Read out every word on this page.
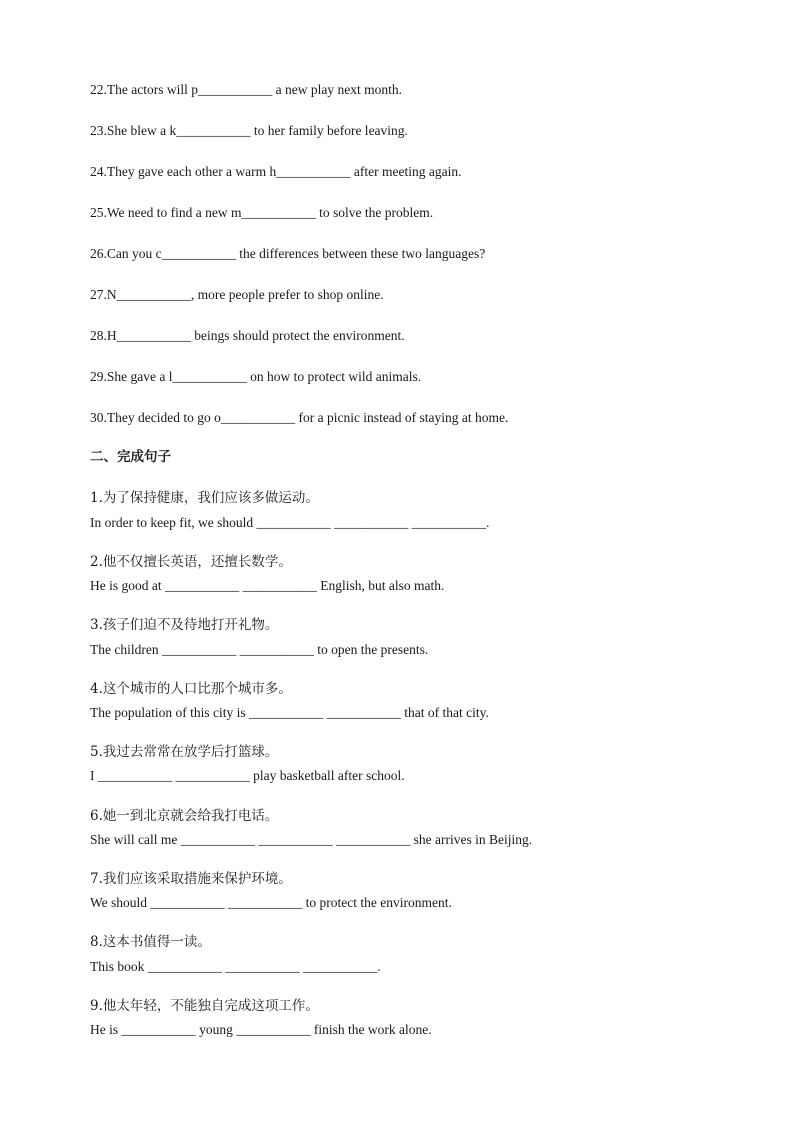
22.The actors will p___________ a new play next month.
23.She blew a k___________ to her family before leaving.
24.They gave each other a warm h___________ after meeting again.
25.We need to find a new m___________ to solve the problem.
26.Can you c___________ the differences between these two languages?
27.N___________, more people prefer to shop online.
28.H___________ beings should protect the environment.
29.She gave a l___________ on how to protect wild animals.
30.They decided to go o___________ for a picnic instead of staying at home.
二、完成句子
1.为了保持健康，我们应该多做运动。
In order to keep fit, we should ___________ ___________ ___________.
2.他不仅擅长英语，还擅长数学。
He is good at ___________ ___________ English, but also math.
3.孩子们迫不及待地打开礼物。
The children ___________ ___________ to open the presents.
4.这个城市的人口比那个城市多。
The population of this city is ___________ ___________ that of that city.
5.我过去常常在放学后打篮球。
I ___________ ___________ play basketball after school.
6.她一到北京就会给我打电话。
She will call me ___________ ___________ ___________ she arrives in Beijing.
7.我们应该采取措施来保护环境。
We should ___________ ___________ to protect the environment.
8.这本书值得一读。
This book ___________ ___________ ___________.
9.他太年轻，不能独自完成这项工作。
He is ___________ young ___________ finish the work alone.
